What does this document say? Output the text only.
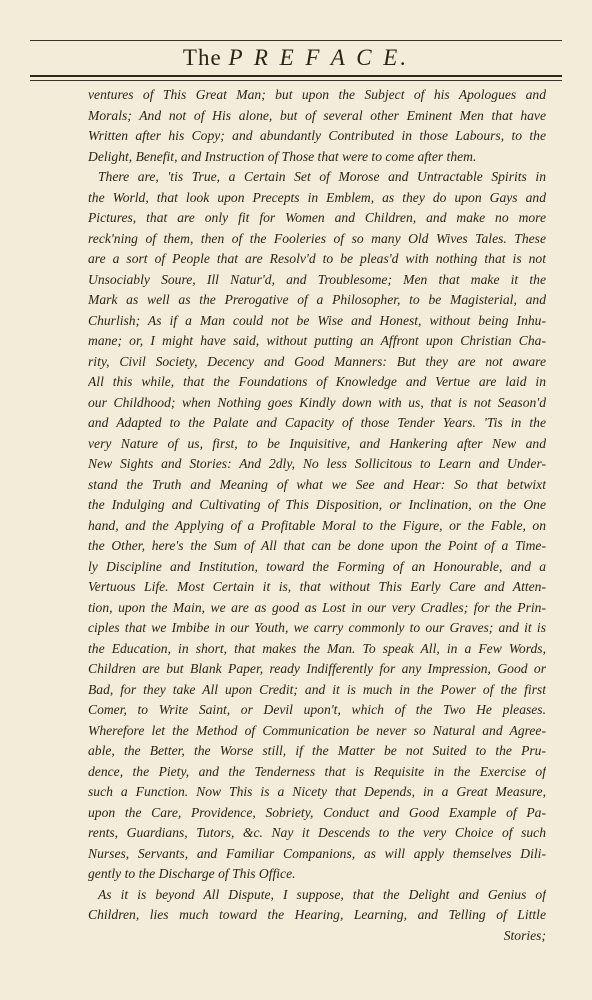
The P R E F A C E.
ventures of This Great Man; but upon the Subject of his Apologues and
Morals; And not of His alone, but of several other Eminent Men that have
Written after his Copy; and abundantly Contributed in those Labours, to the
Delight, Benefit, and Instruction of Those that were to come after them.
There are, 'tis True, a Certain Set of Morose and Untractable Spirits in
the World, that look upon Precepts in Emblem, as they do upon Gays and
Pictures, that are only fit for Women and Children, and make no more
reck'ning of them, then of the Fooleries of so many Old Wives Tales. These
are a sort of People that are Resolv'd to be pleas'd with nothing that is not
Unsociably Soure, Ill Natur'd, and Troublesome; Men that make it the
Mark as well as the Prerogative of a Philosopher, to be Magisterial, and
Churlish; As if a Man could not be Wise and Honest, without being Inhu-
mane; or, I might have said, without putting an Affront upon Christian Cha-
rity, Civil Society, Decency and Good Manners: But they are not aware
All this while, that the Foundations of Knowledge and Vertue are laid in
our Childhood; when Nothing goes Kindly down with us, that is not Season'd
and Adapted to the Palate and Capacity of those Tender Years. 'Tis in the
very Nature of us, first, to be Inquisitive, and Hankering after New and
New Sights and Stories: And 2dly, No less Sollicitous to Learn and Under-
stand the Truth and Meaning of what we See and Hear: So that betwixt
the Indulging and Cultivating of This Disposition, or Inclination, on the One
hand, and the Applying of a Profitable Moral to the Figure, or the Fable, on
the Other, here's the Sum of All that can be done upon the Point of a Time-
ly Discipline and Institution, toward the Forming of an Honourable, and a
Vertuous Life. Most Certain it is, that without This Early Care and Atten-
tion, upon the Main, we are as good as Lost in our very Cradles; for the Prin-
ciples that we Imbibe in our Youth, we carry commonly to our Graves; and it is
the Education, in short, that makes the Man. To speak All, in a Few Words,
Children are but Blank Paper, ready Indifferently for any Impression, Good or
Bad, for they take All upon Credit; and it is much in the Power of the first
Comer, to Write Saint, or Devil upon't, which of the Two He pleases.
Wherefore let the Method of Communication be never so Natural and Agree-
able, the Better, the Worse still, if the Matter be not Suited to the Pru-
dence, the Piety, and the Tenderness that is Requisite in the Exercise of
such a Function. Now This is a Nicety that Depends, in a Great Measure,
upon the Care, Providence, Sobriety, Conduct and Good Example of Pa-
rents, Guardians, Tutors, &c. Nay it Descends to the very Choice of such
Nurses, Servants, and Familiar Companions, as will apply themselves Dili-
gently to the Discharge of This Office.
As it is beyond All Dispute, I suppose, that the Delight and Genius of
Children, lies much toward the Hearing, Learning, and Telling of Little
Stories;
